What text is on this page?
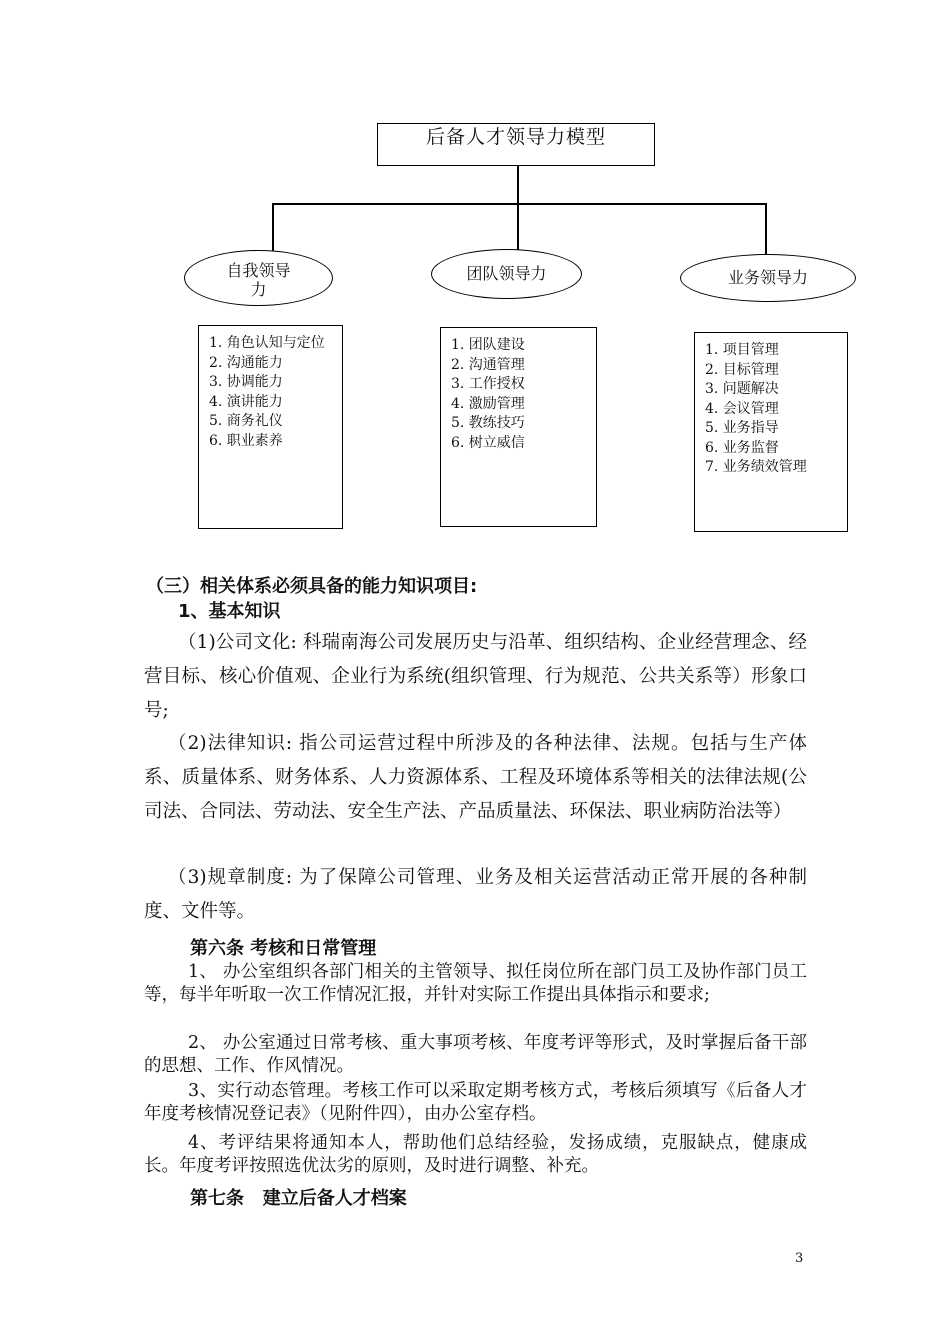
后备人才领导力模型
自我领导力
团队领导力	业务领导力
1. 角色认知与定位
2. 沟通能力
3. 协调能力
4. 演讲能力
5. 商务礼仪
6. 职业素养
1. 团队建设
2. 沟通管理
3. 工作授权
4. 激励管理
5. 教练技巧
6. 树立威信
1. 项目管理
2. 目标管理
3. 问题解决
4. 会议管理
5. 业务指导
6. 业务监督
7. 业务绩效管理
（三）相关体系必须具备的能力知识项目:
1、基本知识
（1)公司文化: 科瑞南海公司发展历史与沿革、组织结构、企业经营理念、经营目标、核心价值观、企业行为系统(组织管理、行为规范、公共关系等）形象口号;
（2)法律知识: 指公司运营过程中所涉及的各种法律、法规。包括与生产体系、质量体系、财务体系、人力资源体系、工程及环境体系等相关的法律法规(公司法、合同法、劳动法、安全生产法、产品质量法、环保法、职业病防治法等）
（3)规章制度: 为了保障公司管理、业务及相关运营活动正常开展的各种制度、文件等。
第六条 考核和日常管理
1、 办公室组织各部门相关的主管领导、拟任岗位所在部门员工及协作部门员工等，每半年听取一次工作情况汇报，并针对实际工作提出具体指示和要求;
2、 办公室通过日常考核、重大事项考核、年度考评等形式，及时掌握后备干部的思想、工作、作风情况。
3、实行动态管理。考核工作可以采取定期考核方式，考核后须填写《后备人才年度考核情况登记表》（见附件四），由办公室存档。
4、考评结果将通知本人，帮助他们总结经验，发扬成绩，克服缺点，健康成长。年度考评按照选优汰劣的原则，及时进行调整、补充。
第七条   建立后备人才档案
3
